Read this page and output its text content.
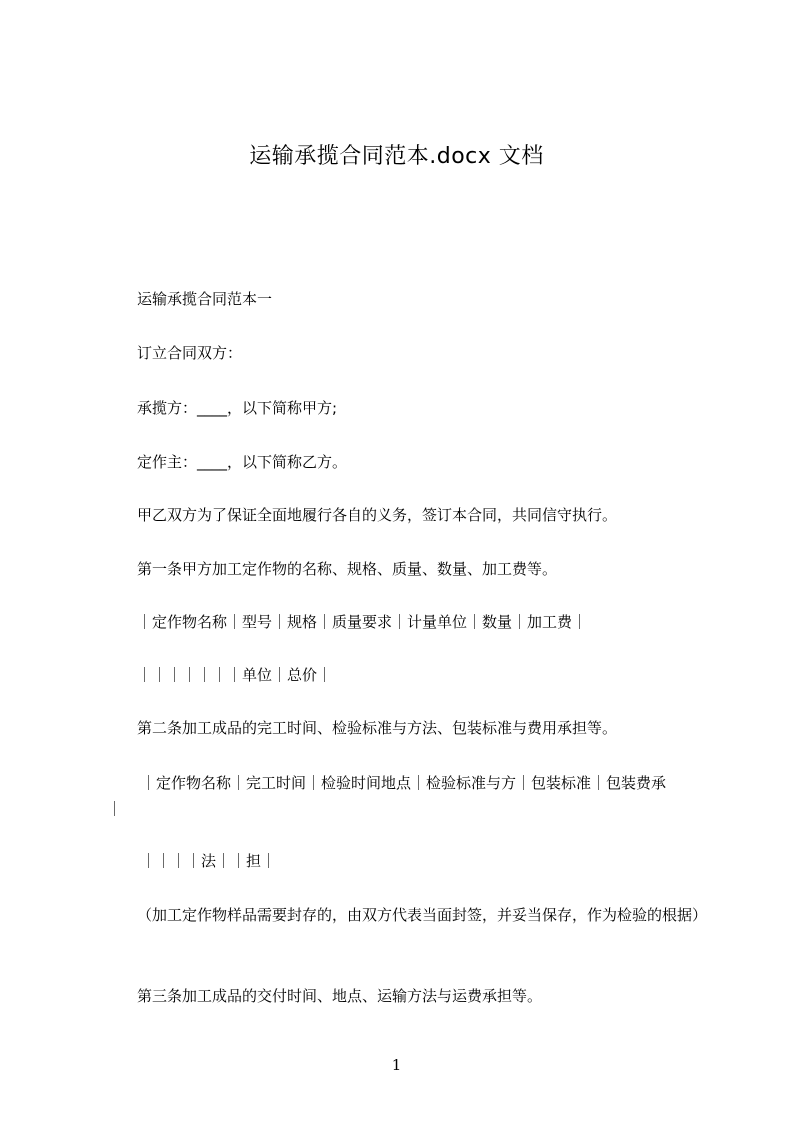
运输承揽合同范本.docx 文档
运输承揽合同范本一
订立合同双方：
承揽方：____，以下简称甲方;
定作主：____，以下简称乙方。
甲乙双方为了保证全面地履行各自的义务，签订本合同，共同信守执行。
第一条甲方加工定作物的名称、规格、质量、数量、加工费等。
｜定作物名称｜型号｜规格｜质量要求｜计量单位｜数量｜加工费｜
｜｜｜｜｜｜｜单位｜总价｜
第二条加工成品的完工时间、检验标准与方法、包装标准与费用承担等。
｜定作物名称｜完工时间｜检验时间地点｜检验标准与方｜包装标准｜包装费承
｜
｜｜｜｜法｜｜担｜
（加工定作物样品需要封存的，由双方代表当面封签，并妥当保存，作为检验的根据）
第三条加工成品的交付时间、地点、运输方法与运费承担等。
1
